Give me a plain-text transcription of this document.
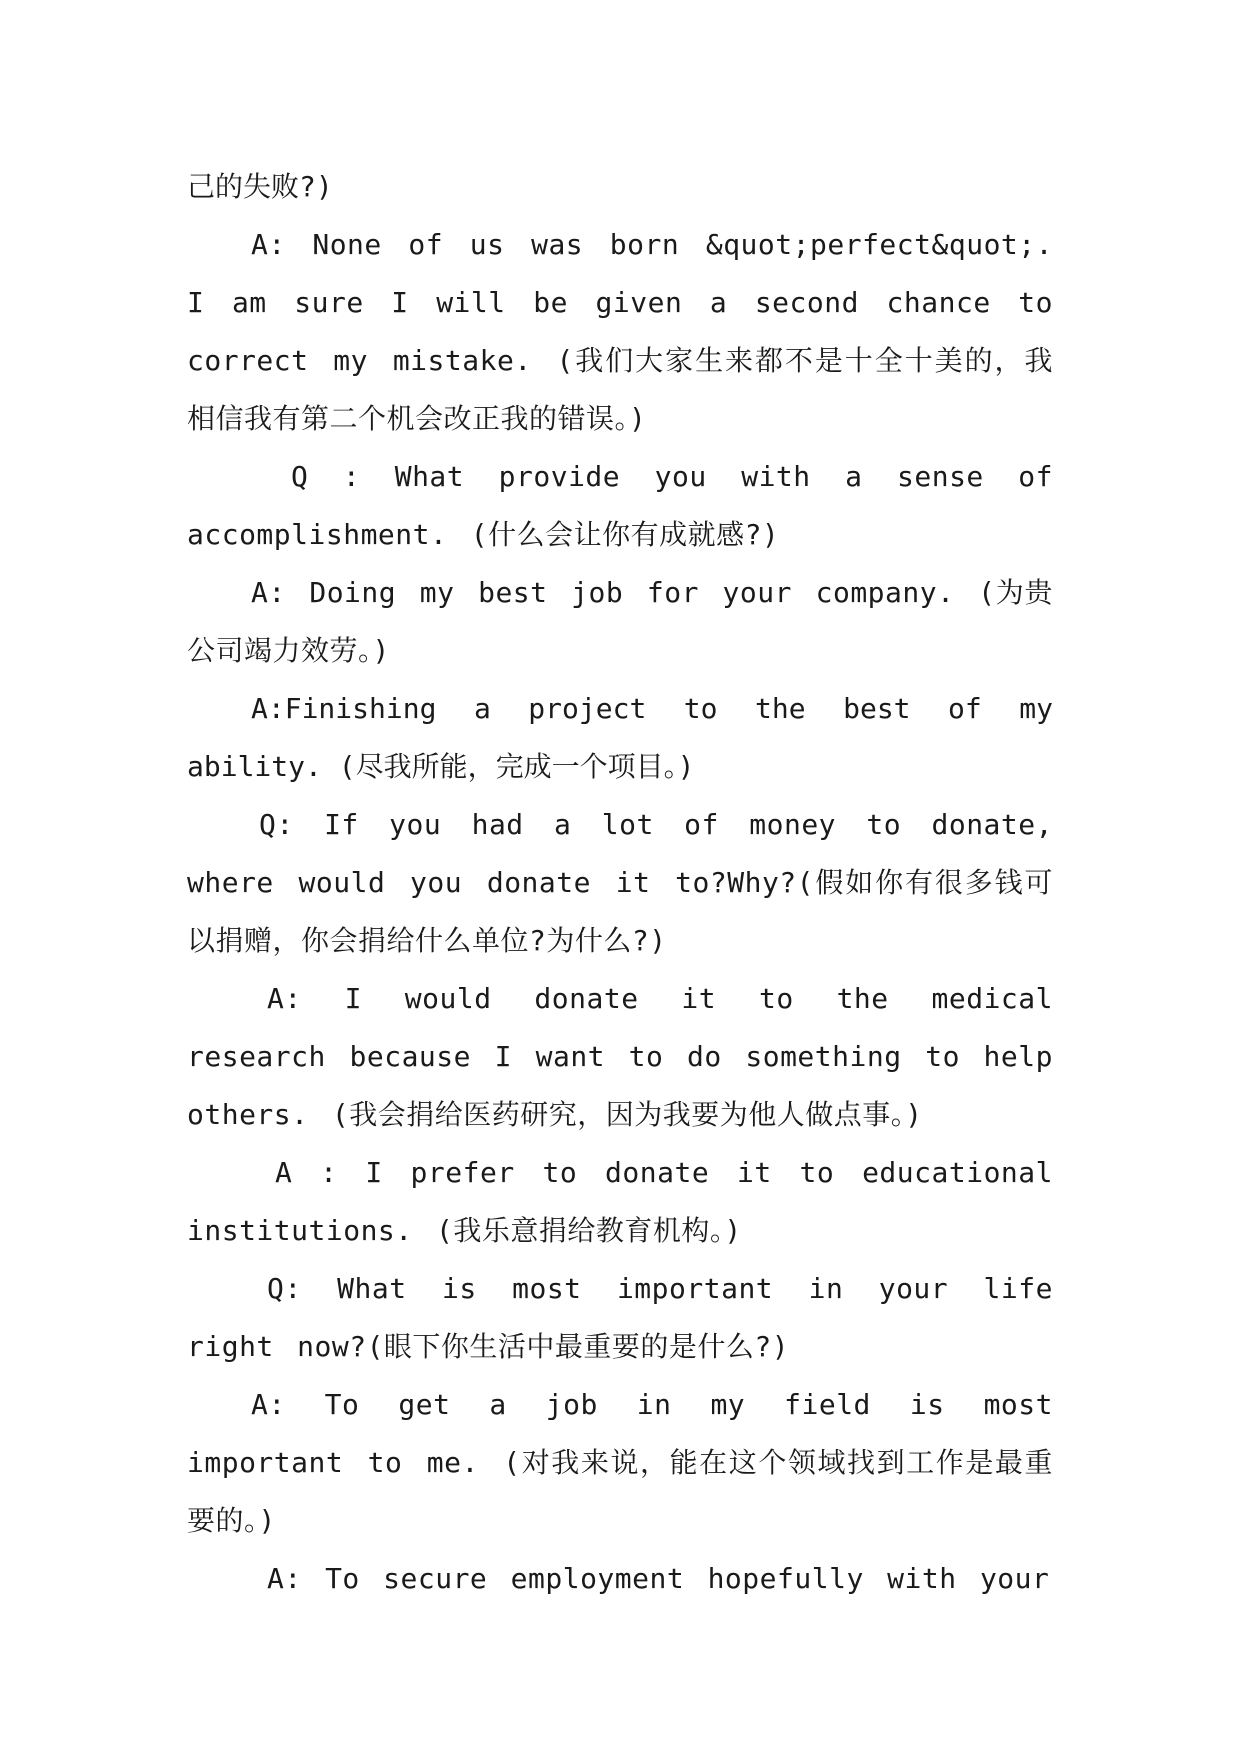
己的失败?)

A: None of us was born &quot;perfect&quot;. I am sure I will be given a second chance to correct my mistake. (我们大家生来都不是十全十美的，我相信我有第二个机会改正我的错误。)

Q : What provide you with a sense of accomplishment. (什么会让你有成就感?)

A: Doing my best job for your company. (为贵公司竭力效劳。)

A:Finishing a project to the best of my ability. (尽我所能，完成一个项目。)

Q: If you had a lot of money to donate, where would you donate it to?Why?(假如你有很多钱可以捐赠，你会捐给什么单位?为什么?)

A: I would donate it to the medical research because I want to do something to help others. (我会捐给医药研究，因为我要为他人做点事。)

A : I prefer to donate it to educational institutions. (我乐意捐给教育机构。)

Q: What is most important in your life right now?(眼下你生活中最重要的是什么?)

A: To get a job in my field is most important to me. (对我来说，能在这个领域找到工作是最重要的。)

A: To secure employment hopefully with your
